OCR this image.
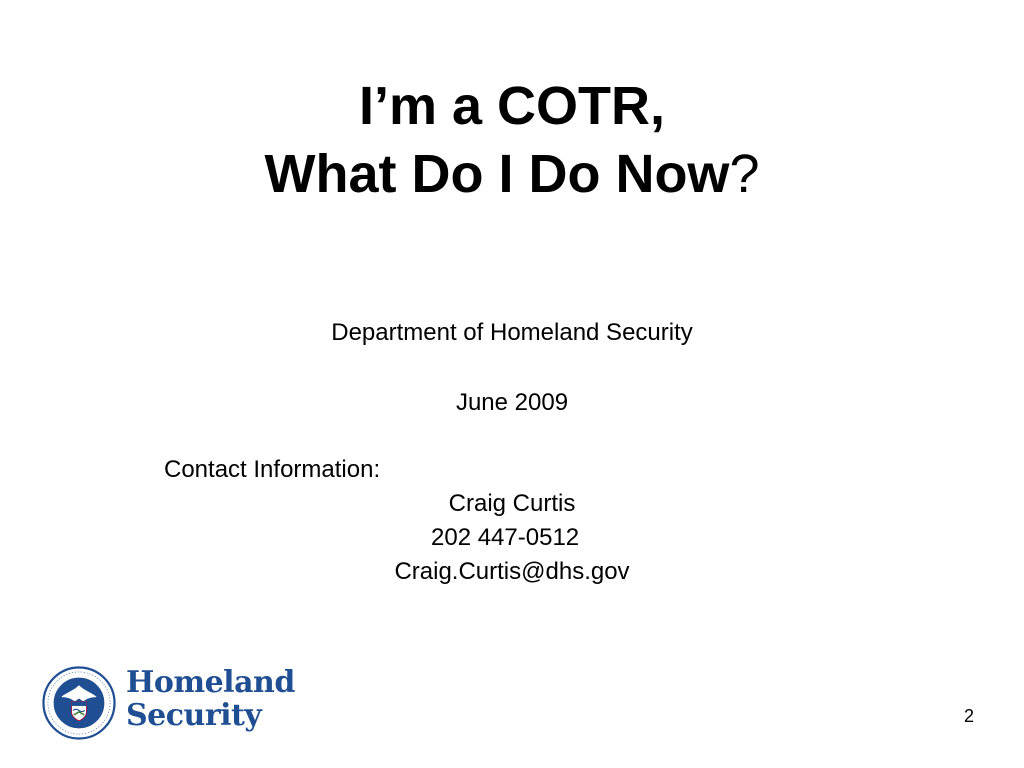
I’m a COTR,
What Do I Do Now?
Department of Homeland Security
June 2009
Contact Information:
Craig Curtis
202 447-0512
Craig.Curtis@dhs.gov
Homeland
Security	2
